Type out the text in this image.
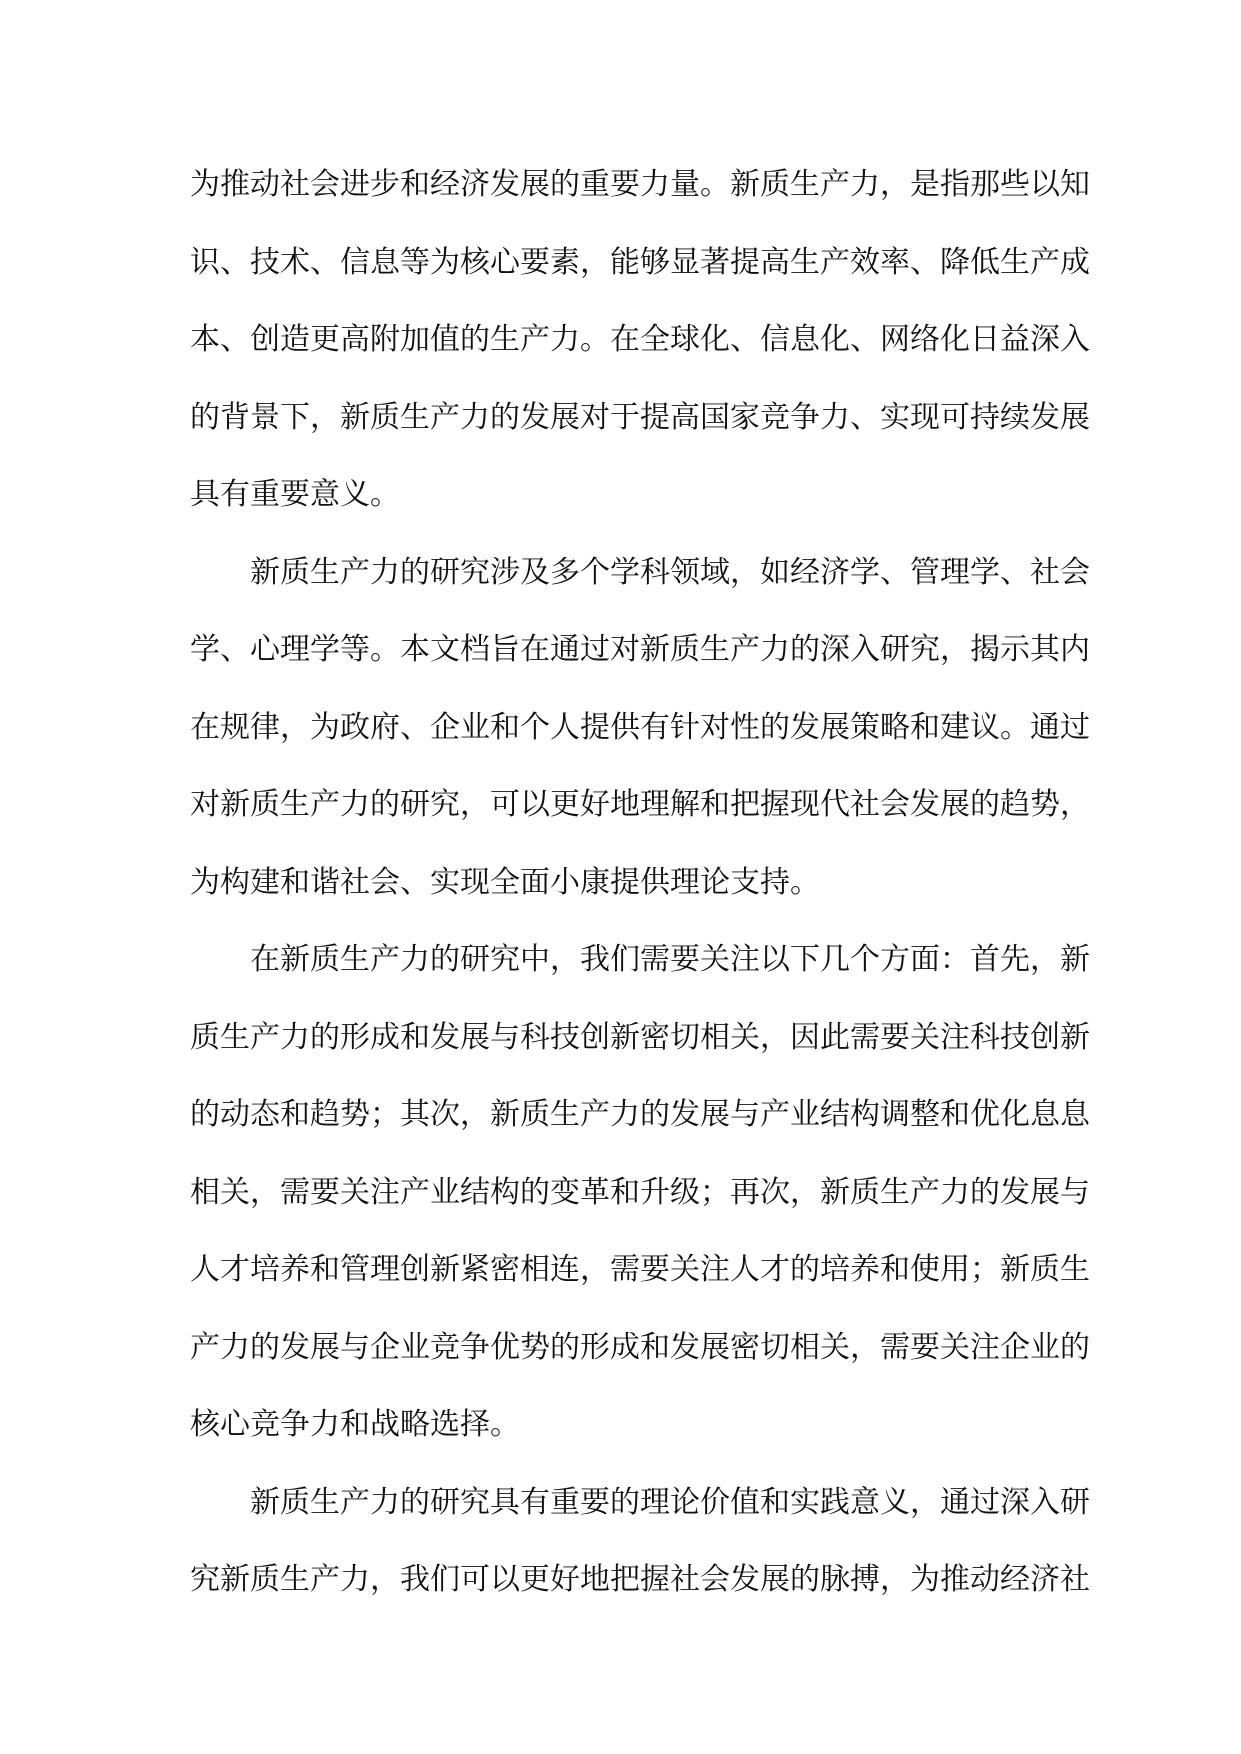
为推动社会进步和经济发展的重要力量。新质生产力，是指那些以知
识、技术、信息等为核心要素，能够显著提高生产效率、降低生产成
本、创造更高附加值的生产力。在全球化、信息化、网络化日益深入
的背景下，新质生产力的发展对于提高国家竞争力、实现可持续发展
具有重要意义。
　　新质生产力的研究涉及多个学科领域，如经济学、管理学、社会
学、心理学等。本文档旨在通过对新质生产力的深入研究，揭示其内
在规律，为政府、企业和个人提供有针对性的发展策略和建议。通过
对新质生产力的研究，可以更好地理解和把握现代社会发展的趋势，
为构建和谐社会、实现全面小康提供理论支持。
　　在新质生产力的研究中，我们需要关注以下几个方面：首先，新
质生产力的形成和发展与科技创新密切相关，因此需要关注科技创新
的动态和趋势；其次，新质生产力的发展与产业结构调整和优化息息
相关，需要关注产业结构的变革和升级；再次，新质生产力的发展与
人才培养和管理创新紧密相连，需要关注人才的培养和使用；新质生
产力的发展与企业竞争优势的形成和发展密切相关，需要关注企业的
核心竞争力和战略选择。
　　新质生产力的研究具有重要的理论价值和实践意义，通过深入研
究新质生产力，我们可以更好地把握社会发展的脉搏，为推动经济社
